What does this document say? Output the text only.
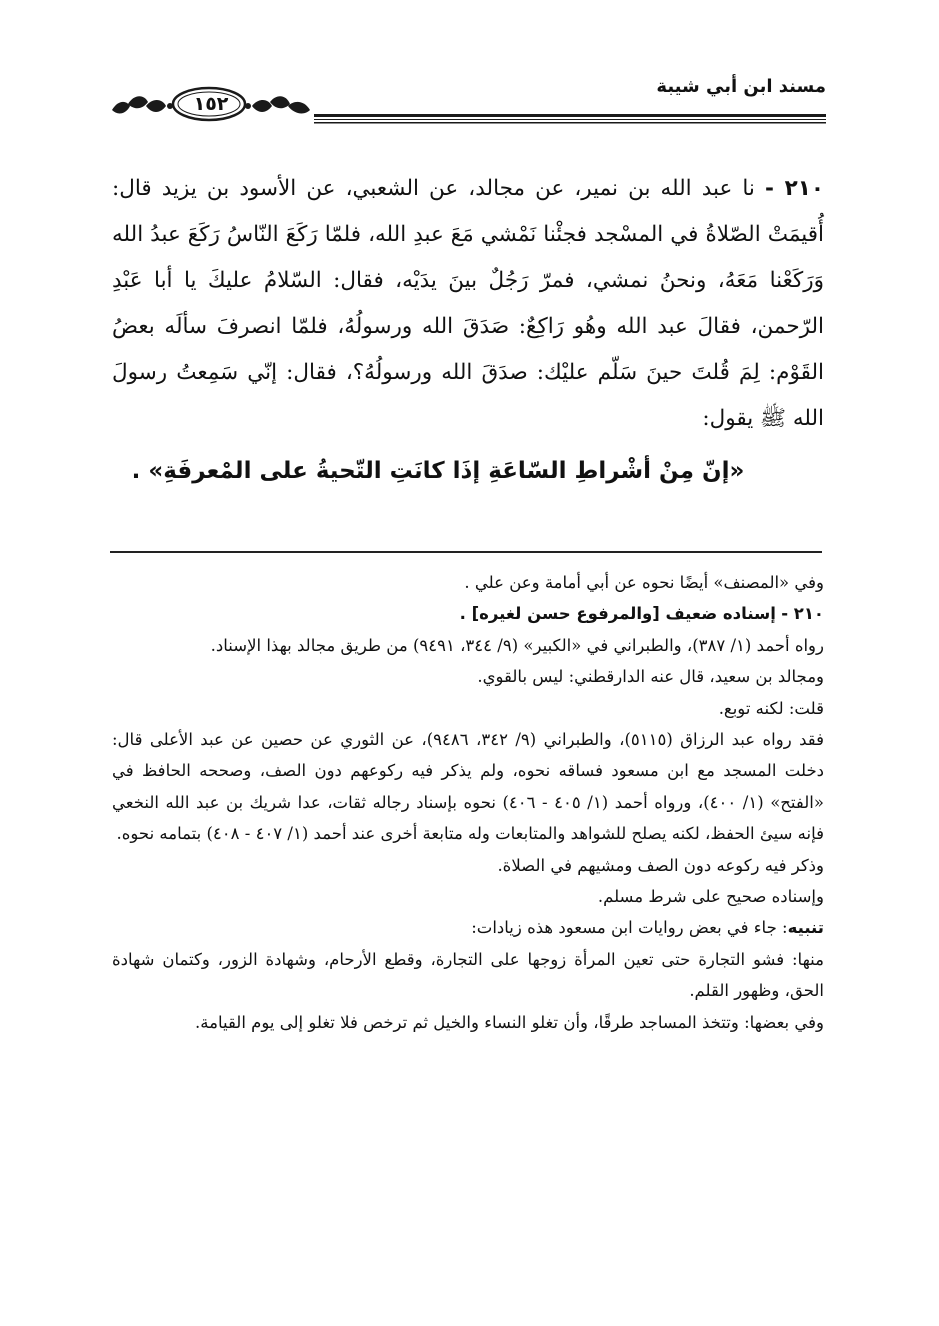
مسند ابن أبي شيبة
١٥٢

٢١٠ - نا عبد الله بن نمير، عن مجالد، عن الشعبي، عن الأسود بن يزيد قال: أُقيمَتْ الصّلاةُ في المسْجد فجئْنا نَمْشي مَعَ عبدِ الله، فلمّا رَكَعَ النّاسُ رَكَعَ عبدُ الله وَرَكَعْنا مَعَهُ، ونحنُ نمشي، فمرّ رَجُلٌ بينَ يدَيْه، فقال: السّلامُ عليكَ يا أبا عَبْدِ الرّحمن، فقالَ عبد الله وهُو رَاكِعٌ: صَدَقَ الله ورسولُهُ، فلمّا انصرفَ سألَه بعضُ القَوْم: لِمَ قُلتَ حينَ سَلّم عليْك: صدَقَ الله ورسولُهُ؟، فقال: إنّي سَمِعتُ رسولَ الله ﷺ يقول:

«إنّ مِنْ أشْراطِ السّاعَةِ إذَا كانَتِ التّحيةُ على المْعرفَةِ» .

وفي «المصنف» أيضًا نحوه عن أبي أمامة وعن علي .

٢١٠ - إسناده ضعيف [والمرفوع حسن لغيره] .

رواه أحمد (١/ ٣٨٧)، والطبراني في «الكبير» (٩/ ٣٤٤، ٩٤٩١) من طريق مجالد بهذا الإسناد.

ومجالد بن سعيد، قال عنه الدارقطني: ليس بالقوي.

قلت: لكنه توبع.

فقد رواه عبد الرزاق (٥١١٥)، والطبراني (٩/ ٣٤٢، ٩٤٨٦)، عن الثوري عن حصين عن عبد الأعلى قال: دخلت المسجد مع ابن مسعود فساقه نحوه، ولم يذكر فيه ركوعهم دون الصف، وصححه الحافظ في «الفتح» (١/ ٤٠٠)، ورواه أحمد (١/ ٤٠٥ - ٤٠٦) نحوه بإسناد رجاله ثقات، عدا شريك بن عبد الله النخعي فإنه سيئ الحفظ، لكنه يصلح للشواهد والمتابعات وله متابعة أخرى عند أحمد (١/ ٤٠٧ - ٤٠٨) بتمامه نحوه.

وذكر فيه ركوعه دون الصف ومشيهم في الصلاة.

وإسناده صحيح على شرط مسلم.

تنبيه: جاء في بعض روايات ابن مسعود هذه زيادات:

منها: فشو التجارة حتى تعين المرأة زوجها على التجارة، وقطع الأرحام، وشهادة الزور، وكتمان شهادة الحق، وظهور القلم.

وفي بعضها: وتتخذ المساجد طرقًا، وأن تغلو النساء والخيل ثم ترخص فلا تغلو إلى يوم القيامة.
